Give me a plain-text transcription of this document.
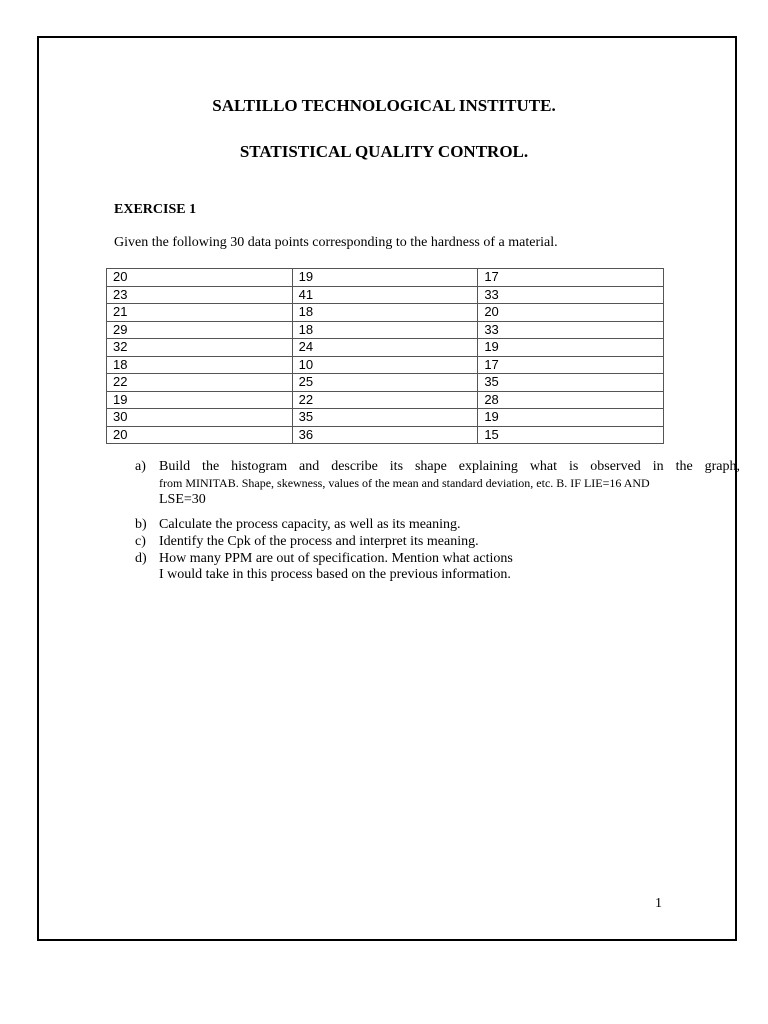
SALTILLO TECHNOLOGICAL INSTITUTE.
STATISTICAL QUALITY CONTROL.
EXERCISE 1
Given the following 30 data points corresponding to the hardness of a material.
20	19	17
23	41	33
21	18	20
29	18	33
32	24	19
18	10	17
22	25	35
19	22	28
30	35	19
20	36	15
a) Build the histogram and describe its shape explaining what is observed in the graph,
from MINITAB. Shape, skewness, values of the mean and standard deviation, etc. B. IF LIE=16 AND
LSE=30
b) Calculate the process capacity, as well as its meaning.
c) Identify the Cpk of the process and interpret its meaning.
d) How many PPM are out of specification. Mention what actions
I would take in this process based on the previous information.
1
